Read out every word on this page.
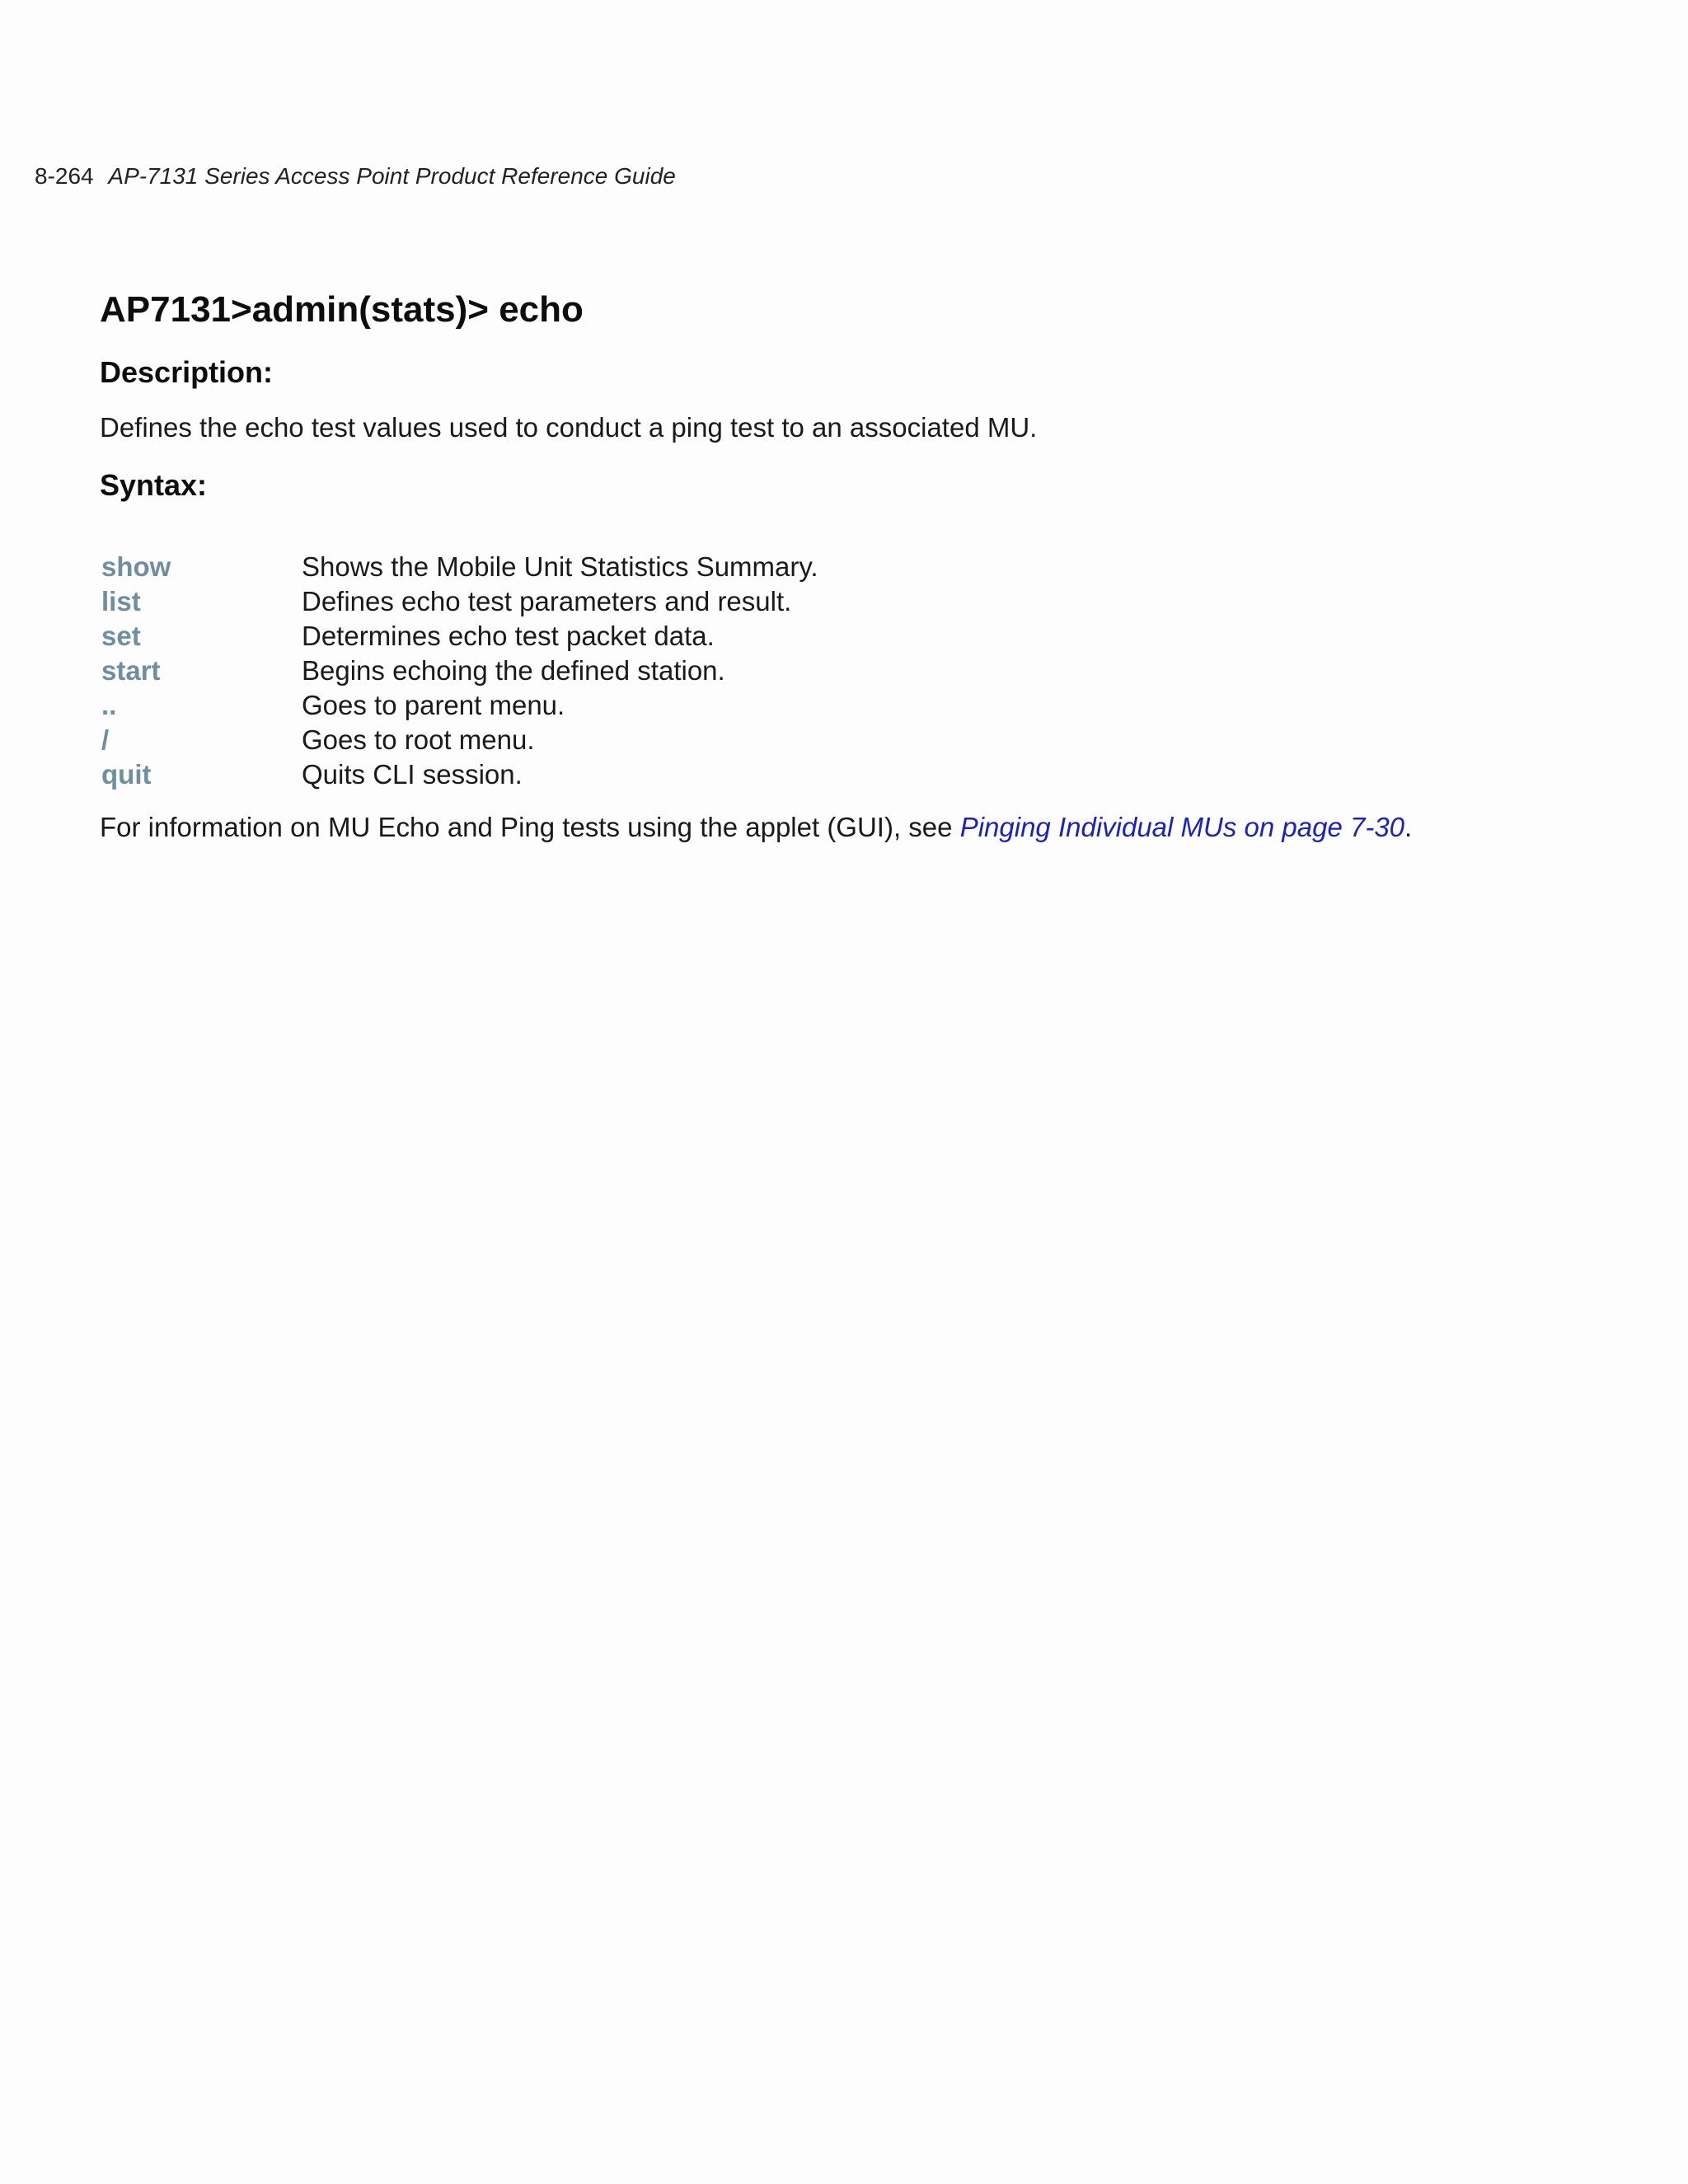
8-264 AP-7131 Series Access Point Product Reference Guide
AP7131>admin(stats)> echo
Description:

Defines the echo test values used to conduct a ping test to an associated MU.

Syntax:
show	Shows the Mobile Unit Statistics Summary.
list	Defines echo test parameters and result.
set	Determines echo test packet data.
start	Begins echoing the defined station.
..	Goes to parent menu.
/	Goes to root menu.
quit	Quits CLI session.

For information on MU Echo and Ping tests using the applet (GUI), see Pinging Individual MUs on page 7-30.
